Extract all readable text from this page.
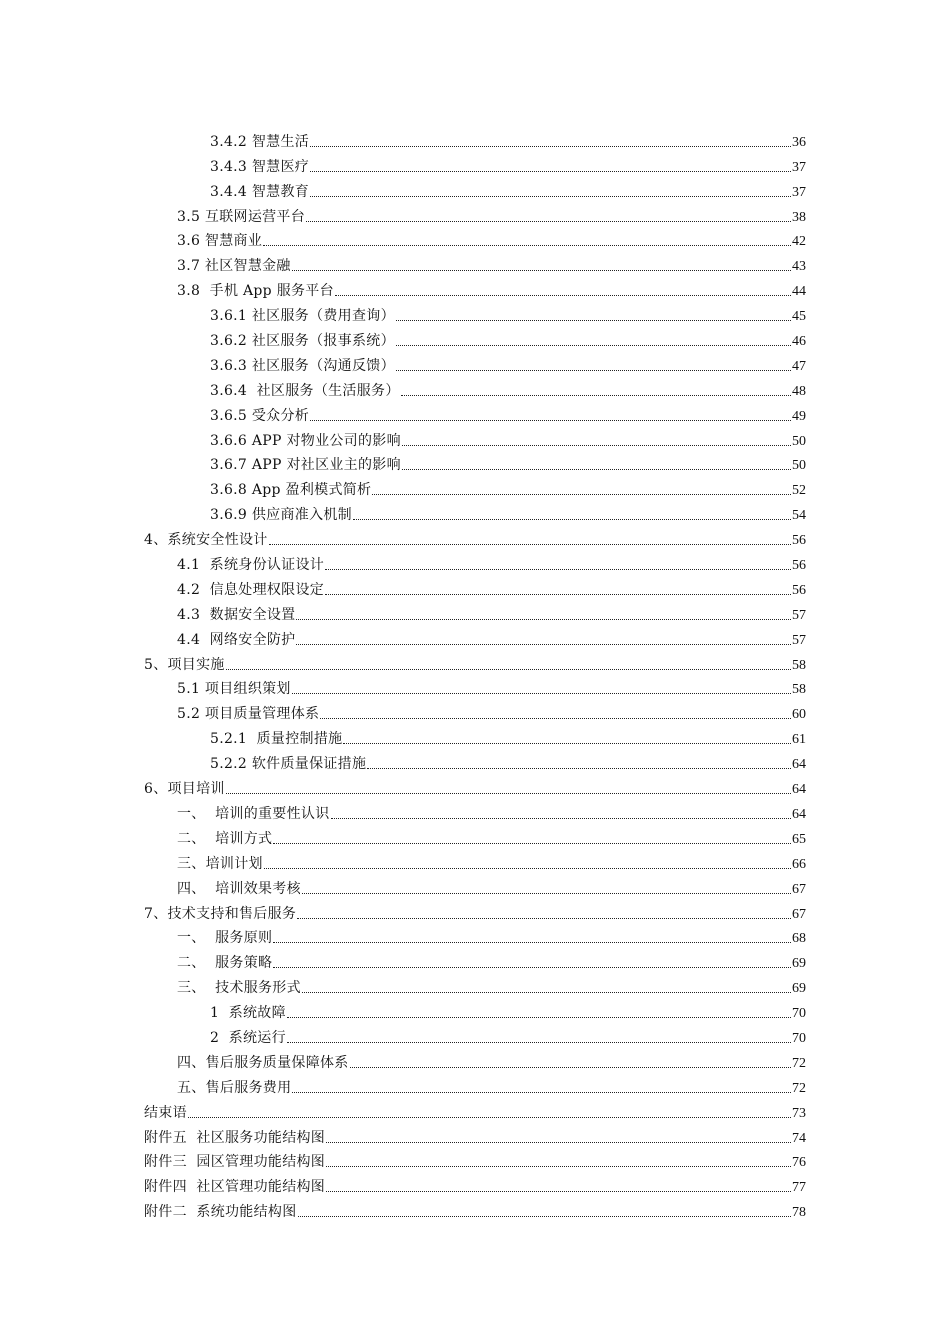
3.4.2 智慧生活	36
3.4.3 智慧医疗	37
3.4.4 智慧教育	37
3.5 互联网运营平台	38
3.6 智慧商业	42
3.7 社区智慧金融	43
3.8  手机 App 服务平台	44
3.6.1 社区服务（费用查询）	45
3.6.2 社区服务（报事系统）	46
3.6.3 社区服务（沟通反馈）	47
3.6.4  社区服务（生活服务）	48
3.6.5 受众分析	49
3.6.6 APP 对物业公司的影响	50
3.6.7 APP 对社区业主的影响	50
3.6.8 App 盈利模式简析	52
3.6.9 供应商准入机制	54
4、系统安全性设计	56
4.1  系统身份认证设计	56
4.2  信息处理权限设定	56
4.3  数据安全设置	57
4.4  网络安全防护	57
5、项目实施	58
5.1 项目组织策划	58
5.2 项目质量管理体系	60
5.2.1  质量控制措施	61
5.2.2 软件质量保证措施	64
6、项目培训	64
一、  培训的重要性认识	64
二、  培训方式	65
三、培训计划	66
四、  培训效果考核	67
7、技术支持和售后服务	67
一、  服务原则	68
二、  服务策略	69
三、  技术服务形式	69
1  系统故障	70
2  系统运行	70
四、售后服务质量保障体系	72
五、售后服务费用	72
结束语	73
附件五  社区服务功能结构图	74
附件三  园区管理功能结构图	76
附件四  社区管理功能结构图	77
附件二  系统功能结构图	78
